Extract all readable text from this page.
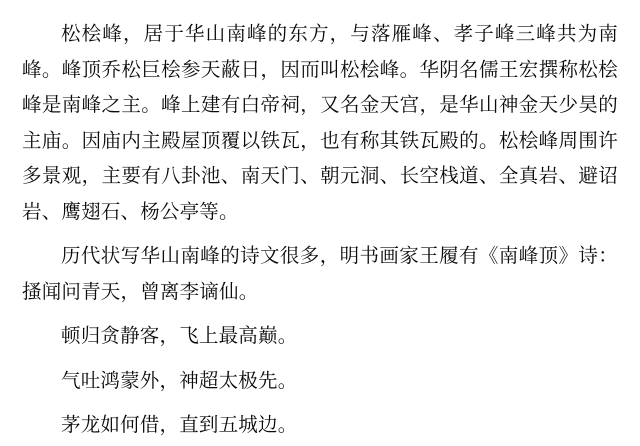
松桧峰，居于华山南峰的东方，与落雁峰、孝子峰三峰共为南峰。峰顶乔松巨桧参天蔽日，因而叫松桧峰。华阴名儒王宏撰称松桧峰是南峰之主。峰上建有白帝祠，又名金天宫，是华山神金天少昊的主庙。因庙内主殿屋顶覆以铁瓦，也有称其铁瓦殿的。松桧峰周围许多景观，主要有八卦池、南天门、朝元洞、长空栈道、全真岩、避诏岩、鹰翅石、杨公亭等。

历代状写华山南峰的诗文很多，明书画家王履有《南峰顶》诗：搔闻问青天，曾离李谪仙。

顿归贪静客，飞上最高巅。

气吐鸿蒙外，神超太极先。

茅龙如何借，直到五城边。
